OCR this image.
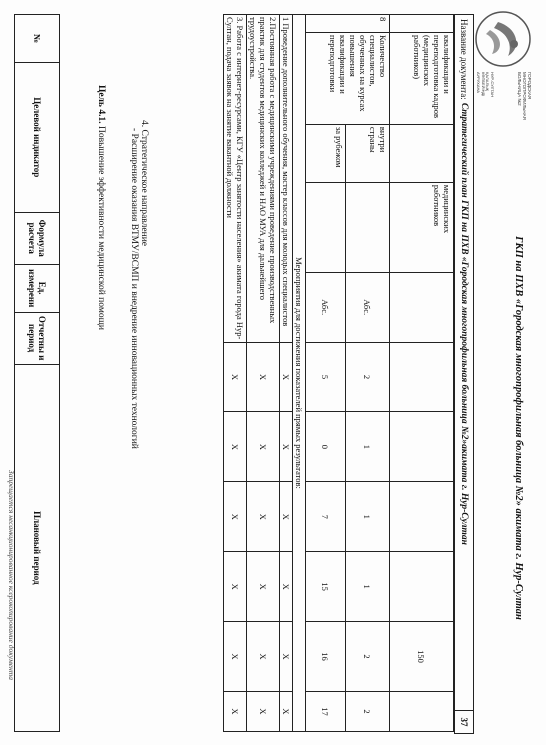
ГОРОДСКАЯ
МНОГОПРОФИЛЬНАЯ
БОЛЬНИЦА №2
НУР-СУЛТАН
ҚАЛАЛЫҚ
КӨПБЕЙІНДІ
АУРУХАНА
ГКП на ПХВ «Городская многопрофильная больница №2» акимата г. Нур-Султан
Название документа:
Стратегический план ГКП на ПХВ «Городская многопрофильная больница №2»акимата г. Нур-Султан
37
	квалификации и переподготовка кадров (медицинских работников)		медицинских работников						150	
8	Количество специалистов, обученных на курсах повышения квалификации и переподготовки	внутри страны		Абс.	2	1	1	1	2	2
		за рубежом		Абс.	5	0	7	15	16	17
Мероприятия для достижения показателей прямых результатов:										
1 Проведение дополнительного обучения, мастер классов для молодых специалистов					X	X	X	X	X	X
2.Постоянная работа с медицинскими учреждениями проведение производственных практик для студентов медицинских колледжей и НАО МУА для дальнейшего трудоустройства.					X	X	X	X	X	X
3. Работа с интернет-ресурсами, КГУ «Центр занятости населения» акимата города Нур-Султан, подача заявок на занятие вакантной должности					X	X	X	X	X	X
4. Стратегическое направление
- Расширение оказания ВТМУ/ВСМП и внедрение инновационных технологий
Цель 4.1. Повышение эффективности медицинской помощи
№	Целевой индикатор	Формула расчета	Ед. измерени	Отчетны и период	Плановый период
Запрещается несанкционированное ксерокопирование документа
